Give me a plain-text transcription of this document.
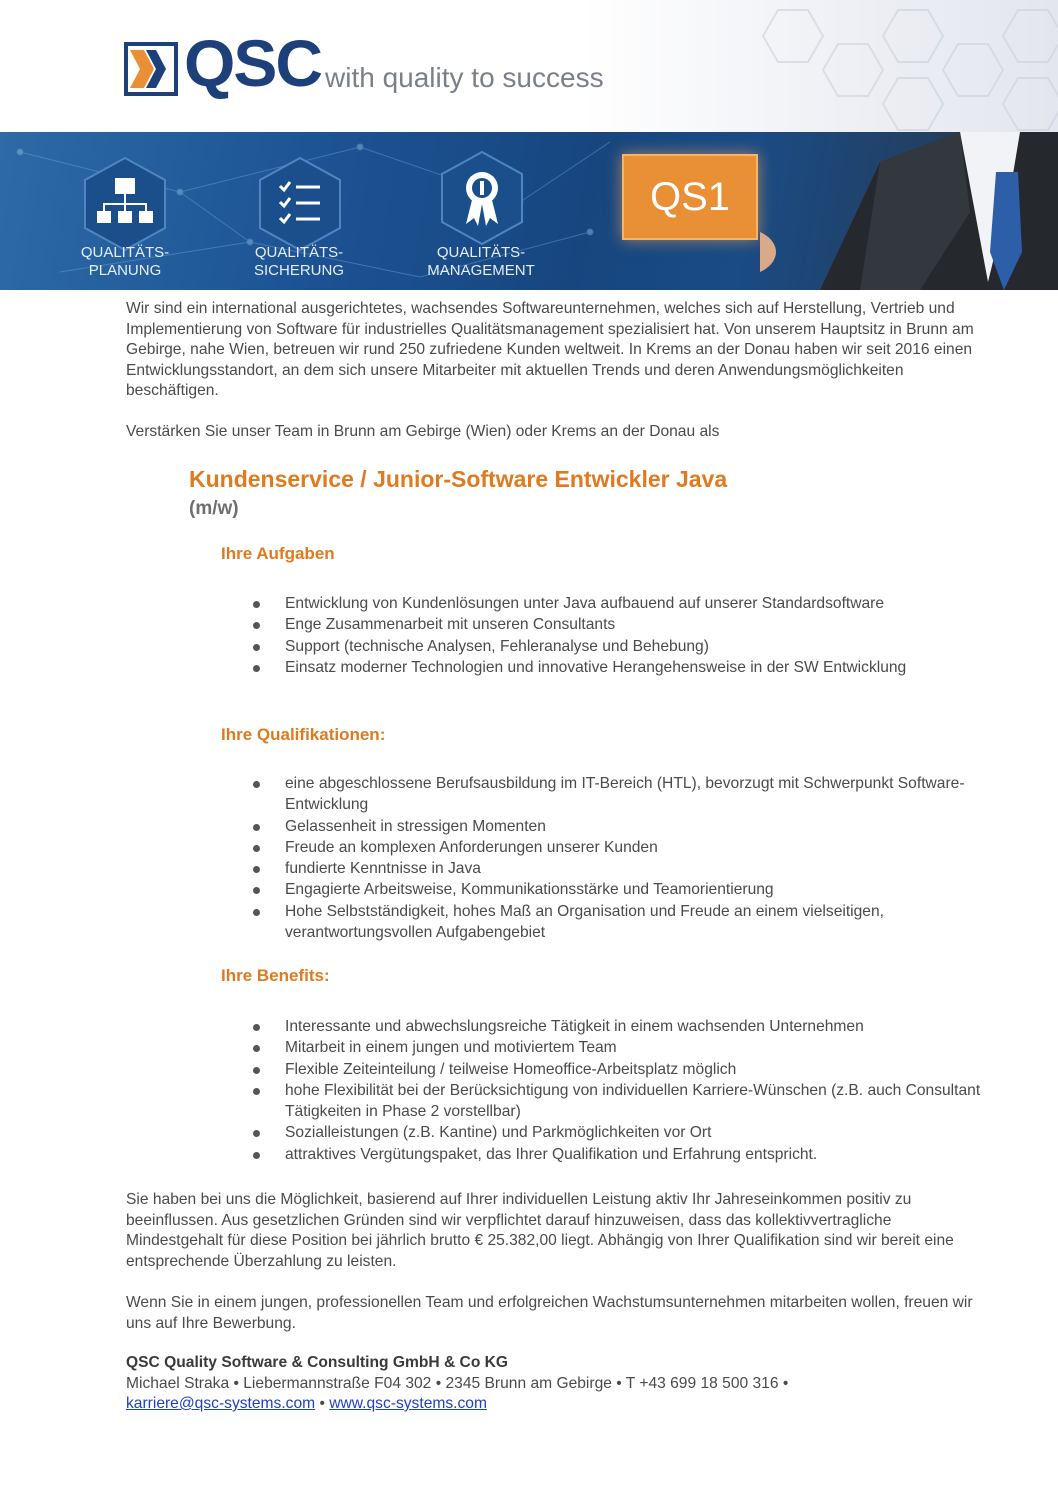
QSC with quality to success
QUALITÄTS-
PLANUNG
QUALITÄTS-
SICHERUNG
QUALITÄTS-
MANAGEMENT
QS1

Wir sind ein international ausgerichtetes, wachsendes Softwareunternehmen, welches sich auf Herstellung, Vertrieb und Implementierung von Software für industrielles Qualitätsmanagement spezialisiert hat. Von unserem Hauptsitz in Brunn am Gebirge, nahe Wien, betreuen wir rund 250 zufriedene Kunden weltweit. In Krems an der Donau haben wir seit 2016 einen Entwicklungsstandort, an dem sich unsere Mitarbeiter mit aktuellen Trends und deren Anwendungsmöglichkeiten beschäftigen.

Verstärken Sie unser Team in Brunn am Gebirge (Wien) oder Krems an der Donau als

Kundenservice / Junior-Software Entwickler Java
(m/w)
Ihre Aufgaben
Entwicklung von Kundenlösungen unter Java aufbauend auf unserer Standardsoftware
Enge Zusammenarbeit mit unseren Consultants
Support (technische Analysen, Fehleranalyse und Behebung)
Einsatz moderner Technologien und innovative Herangehensweise in der SW Entwicklung
Ihre Qualifikationen:
eine abgeschlossene Berufsausbildung im IT-Bereich (HTL), bevorzugt mit Schwerpunkt Software-Entwicklung
Gelassenheit in stressigen Momenten
Freude an komplexen Anforderungen unserer Kunden
fundierte Kenntnisse in Java
Engagierte Arbeitsweise, Kommunikationsstärke und Teamorientierung
Hohe Selbstständigkeit, hohes Maß an Organisation und Freude an einem vielseitigen, verantwortungsvollen Aufgabengebiet
Ihre Benefits:
Interessante und abwechslungsreiche Tätigkeit in einem wachsenden Unternehmen
Mitarbeit in einem jungen und motiviertem Team
Flexible Zeiteinteilung / teilweise Homeoffice-Arbeitsplatz möglich
hohe Flexibilität bei der Berücksichtigung von individuellen Karriere-Wünschen (z.B. auch Consultant Tätigkeiten in Phase 2 vorstellbar)
Sozialleistungen (z.B. Kantine) und Parkmöglichkeiten vor Ort
attraktives Vergütungspaket, das Ihrer Qualifikation und Erfahrung entspricht.

Sie haben bei uns die Möglichkeit, basierend auf Ihrer individuellen Leistung aktiv Ihr Jahreseinkommen positiv zu beeinflussen. Aus gesetzlichen Gründen sind wir verpflichtet darauf hinzuweisen, dass das kollektivvertragliche Mindestgehalt für diese Position bei jährlich brutto € 25.382,00 liegt. Abhängig von Ihrer Qualifikation sind wir bereit eine entsprechende Überzahlung zu leisten.

Wenn Sie in einem jungen, professionellen Team und erfolgreichen Wachstumsunternehmen mitarbeiten wollen, freuen wir uns auf Ihre Bewerbung.

QSC Quality Software & Consulting GmbH & Co KG
Michael Straka • Liebermannstraße F04 302 • 2345 Brunn am Gebirge • T +43 699 18 500 316 •
karriere@qsc-systems.com • www.qsc-systems.com
